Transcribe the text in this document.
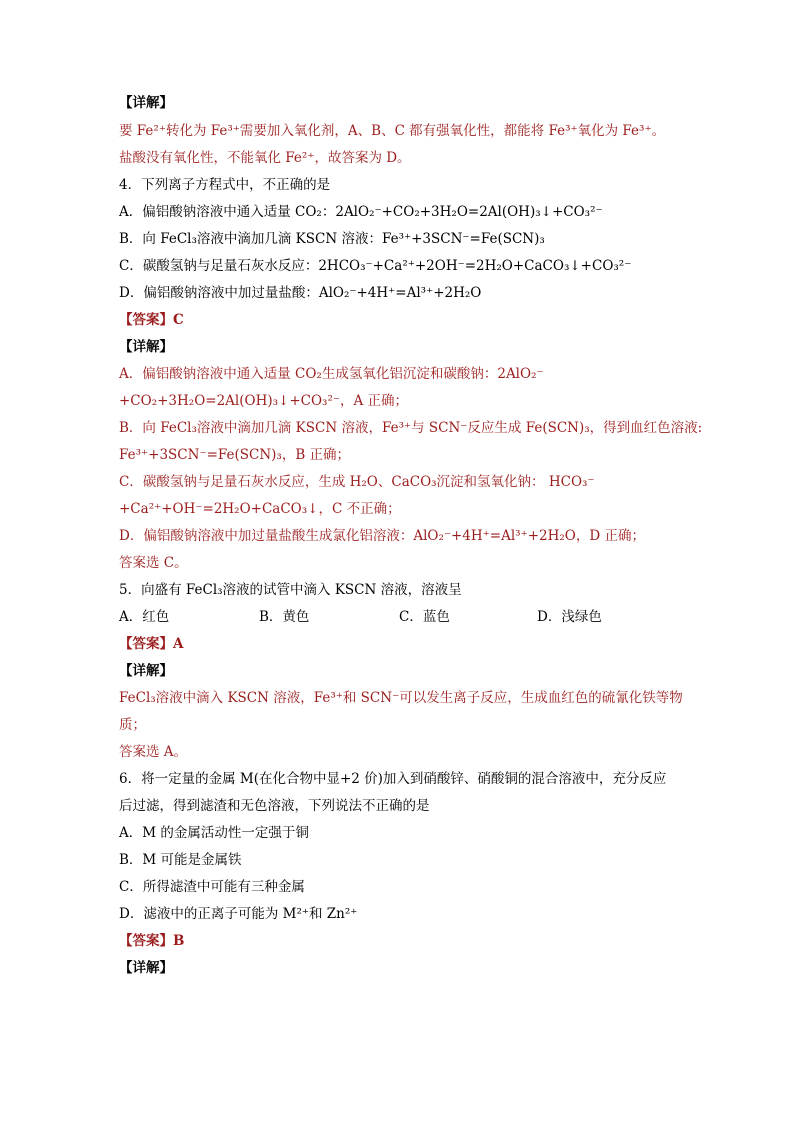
【详解】
要 Fe²⁺转化为 Fe³⁺需要加入氧化剂，A、B、C 都有强氧化性，都能将 Fe³⁺氧化为 Fe³⁺。
盐酸没有氧化性，不能氧化 Fe²⁺，故答案为 D。
4．下列离子方程式中，不正确的是
A．偏铝酸钠溶液中通入适量 CO₂：2AlO₂⁻+CO₂+3H₂O=2Al(OH)₃↓+CO₃²⁻
B．向 FeCl₃溶液中滴加几滴 KSCN 溶液：Fe³⁺+3SCN⁻=Fe(SCN)₃
C．碳酸氢钠与足量石灰水反应：2HCO₃⁻+Ca²⁺+2OH⁻=2H₂O+CaCO₃↓+CO₃²⁻
D．偏铝酸钠溶液中加过量盐酸：AlO₂⁻+4H⁺=Al³⁺+2H₂O
【答案】C
【详解】
A．偏铝酸钠溶液中通入适量 CO₂生成氢氧化铝沉淀和碳酸钠：2AlO₂⁻
+CO₂+3H₂O=2Al(OH)₃↓+CO₃²⁻，A 正确；
B．向 FeCl₃溶液中滴加几滴 KSCN 溶液，Fe³⁺与 SCN⁻反应生成 Fe(SCN)₃，得到血红色溶液:
Fe³⁺+3SCN⁻=Fe(SCN)₃，B 正确；
C．碳酸氢钠与足量石灰水反应，生成 H₂O、CaCO₃沉淀和氢氧化钠： HCO₃⁻
+Ca²⁺+OH⁻=2H₂O+CaCO₃↓，C 不正确；
D．偏铝酸钠溶液中加过量盐酸生成氯化铝溶液：AlO₂⁻+4H⁺=Al³⁺+2H₂O，D 正确；
答案选 C。
5．向盛有 FeCl₃溶液的试管中滴入 KSCN 溶液，溶液呈
A．红色	B．黄色	C．蓝色	D．浅绿色
【答案】A
【详解】
FeCl₃溶液中滴入 KSCN 溶液，Fe³⁺和 SCN⁻可以发生离子反应，生成血红色的硫氰化铁等物
质；
答案选 A。
6．将一定量的金属 M(在化合物中显+2 价)加入到硝酸锌、硝酸铜的混合溶液中，充分反应
后过滤，得到滤渣和无色溶液，下列说法不正确的是
A．M 的金属活动性一定强于铜
B．M 可能是金属铁
C．所得滤渣中可能有三种金属
D．滤液中的正离子可能为 M²⁺和 Zn²⁺
【答案】B
【详解】
